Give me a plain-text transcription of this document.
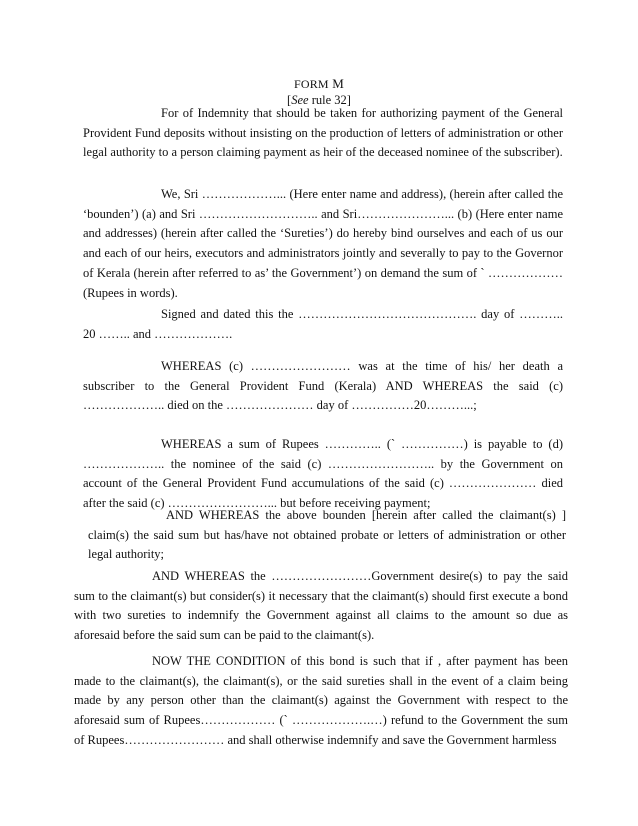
FORM M
[See rule 32]

For of Indemnity that should be taken for authorizing payment of the General Provident Fund deposits without insisting on the production of letters of administration or other legal authority to a person claiming payment as heir of the deceased nominee of the subscriber).

We, Sri ………………... (Here enter name and address), (herein after called the ‘bounden’) (a) and Sri ……………………….. and Sri…………………... (b) (Here enter name and addresses) (herein after called the ‘Sureties’) do hereby bind ourselves and each of us our and each of our heirs, executors and administrators jointly and severally to pay to the Governor of Kerala (herein after referred to as’ the Government’) on demand the sum of ` ……………… (Rupees in words).

Signed and dated this the ……………………………………. day of ……….. 20 …….. and ……………….

WHEREAS (c) …………………… was at the time of his/ her death a subscriber to the General Provident Fund (Kerala) AND WHEREAS the said (c) ……………….. died on the ………………… day of ……………20………...;

WHEREAS a sum of Rupees ………….. (` ……………) is payable to (d) ……………….. the nominee of the said (c) …………………….. by the Government on account of the General Provident Fund accumulations of the said (c) ………………… died after the said (c) ……………………... but before receiving payment;

AND WHEREAS the above bounden [herein after called the claimant(s) ] claim(s) the said sum but has/have not obtained probate or letters of administration or other legal authority;

AND WHEREAS the ……………………Government desire(s) to pay the said sum to the claimant(s) but consider(s) it necessary that the claimant(s) should first execute a bond with two sureties to indemnify the Government against all claims to the amount so due as aforesaid before the said sum can be paid to the claimant(s).

NOW THE CONDITION of this bond is such that if , after payment has been made to the claimant(s), the claimant(s), or the said sureties shall in the event of a claim being made by any person other than the claimant(s) against the Government with respect to the aforesaid sum of Rupees……………… (` ……………….…) refund to the Government the sum of Rupees…………………… and shall otherwise indemnify and save the Government harmless
